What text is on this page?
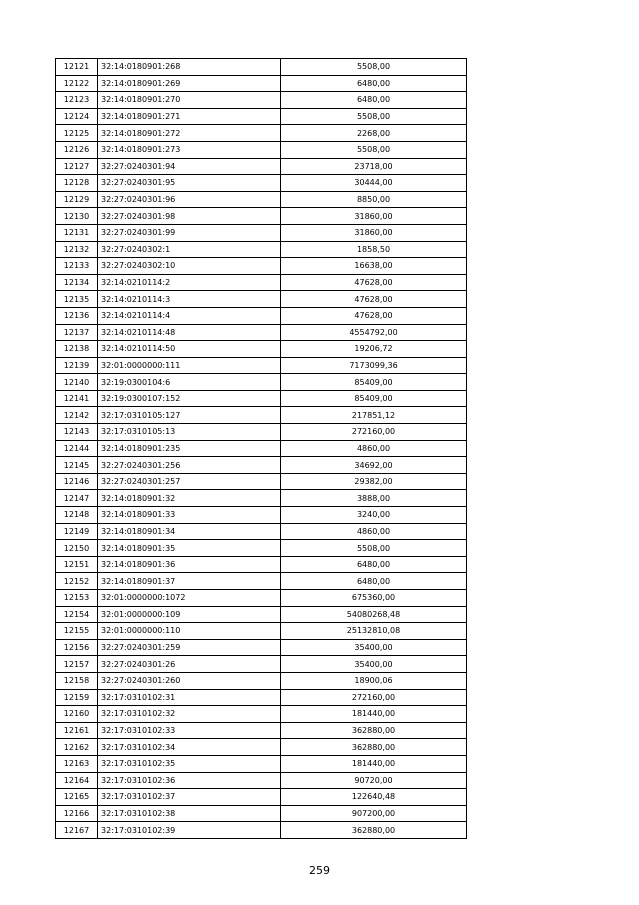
12121	32:14:0180901:268	5508,00
12122	32:14:0180901:269	6480,00
12123	32:14:0180901:270	6480,00
12124	32:14:0180901:271	5508,00
12125	32:14:0180901:272	2268,00
12126	32:14:0180901:273	5508,00
12127	32:27:0240301:94	23718,00
12128	32:27:0240301:95	30444,00
12129	32:27:0240301:96	8850,00
12130	32:27:0240301:98	31860,00
12131	32:27:0240301:99	31860,00
12132	32:27:0240302:1	1858,50
12133	32:27:0240302:10	16638,00
12134	32:14:0210114:2	47628,00
12135	32:14:0210114:3	47628,00
12136	32:14:0210114:4	47628,00
12137	32:14:0210114:48	4554792,00
12138	32:14:0210114:50	19206,72
12139	32:01:0000000:111	7173099,36
12140	32:19:0300104:6	85409,00
12141	32:19:0300107:152	85409,00
12142	32:17:0310105:127	217851,12
12143	32:17:0310105:13	272160,00
12144	32:14:0180901:235	4860,00
12145	32:27:0240301:256	34692,00
12146	32:27:0240301:257	29382,00
12147	32:14:0180901:32	3888,00
12148	32:14:0180901:33	3240,00
12149	32:14:0180901:34	4860,00
12150	32:14:0180901:35	5508,00
12151	32:14:0180901:36	6480,00
12152	32:14:0180901:37	6480,00
12153	32:01:0000000:1072	675360,00
12154	32:01:0000000:109	54080268,48
12155	32:01:0000000:110	25132810,08
12156	32:27:0240301:259	35400,00
12157	32:27:0240301:26	35400,00
12158	32:27:0240301:260	18900,06
12159	32:17:0310102:31	272160,00
12160	32:17:0310102:32	181440,00
12161	32:17:0310102:33	362880,00
12162	32:17:0310102:34	362880,00
12163	32:17:0310102:35	181440,00
12164	32:17:0310102:36	90720,00
12165	32:17:0310102:37	122640,48
12166	32:17:0310102:38	907200,00
12167	32:17:0310102:39	362880,00
259
